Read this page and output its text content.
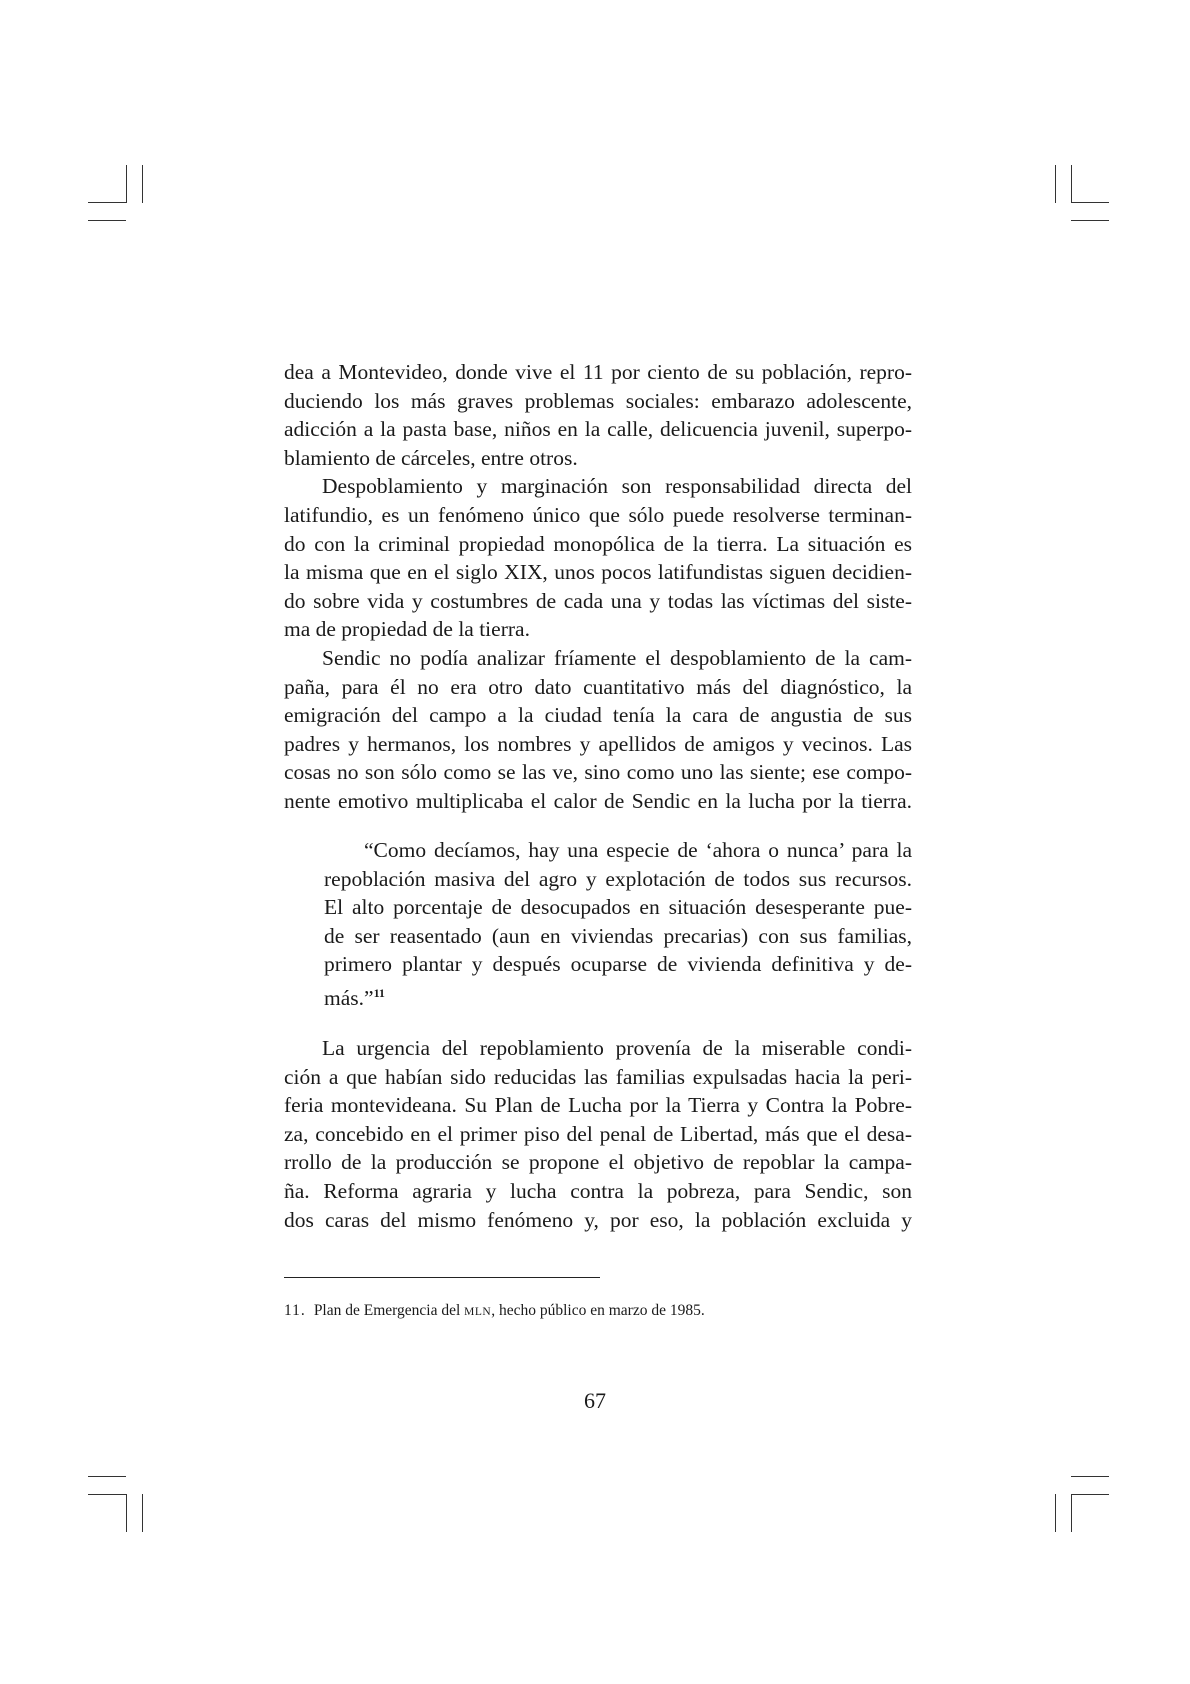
dea a Montevideo, donde vive el 11 por ciento de su población, repro-
duciendo los más graves problemas sociales: embarazo adolescente,
adicción a la pasta base, niños en la calle, delicuencia juvenil, superpo-
blamiento de cárceles, entre otros.
Despoblamiento y marginación son responsabilidad directa del
latifundio, es un fenómeno único que sólo puede resolverse terminan-
do con la criminal propiedad monopólica de la tierra. La situación es
la misma que en el siglo XIX, unos pocos latifundistas siguen decidien-
do sobre vida y costumbres de cada una y todas las víctimas del siste-
ma de propiedad de la tierra.
Sendic no podía analizar fríamente el despoblamiento de la cam-
paña, para él no era otro dato cuantitativo más del diagnóstico, la
emigración del campo a la ciudad tenía la cara de angustia de sus
padres y hermanos, los nombres y apellidos de amigos y vecinos. Las
cosas no son sólo como se las ve, sino como uno las siente; ese compo-
nente emotivo multiplicaba el calor de Sendic en la lucha por la tierra.
“Como decíamos, hay una especie de ‘ahora o nunca’ para la
repoblación masiva del agro y explotación de todos sus recursos.
El alto porcentaje de desocupados en situación desesperante pue-
de ser reasentado (aun en viviendas precarias) con sus familias,
primero plantar y después ocuparse de vivienda definitiva y de-
más.”$^{11}$
La urgencia del repoblamiento provenía de la miserable condi-
ción a que habían sido reducidas las familias expulsadas hacia la peri-
feria montevideana. Su Plan de Lucha por la Tierra y Contra la Pobre-
za, concebido en el primer piso del penal de Libertad, más que el desa-
rrollo de la producción se propone el objetivo de repoblar la campa-
ña. Reforma agraria y lucha contra la pobreza, para Sendic, son
dos caras del mismo fenómeno y, por eso, la población excluida y
11. Plan de Emergencia del MLN, hecho público en marzo de 1985.
67
